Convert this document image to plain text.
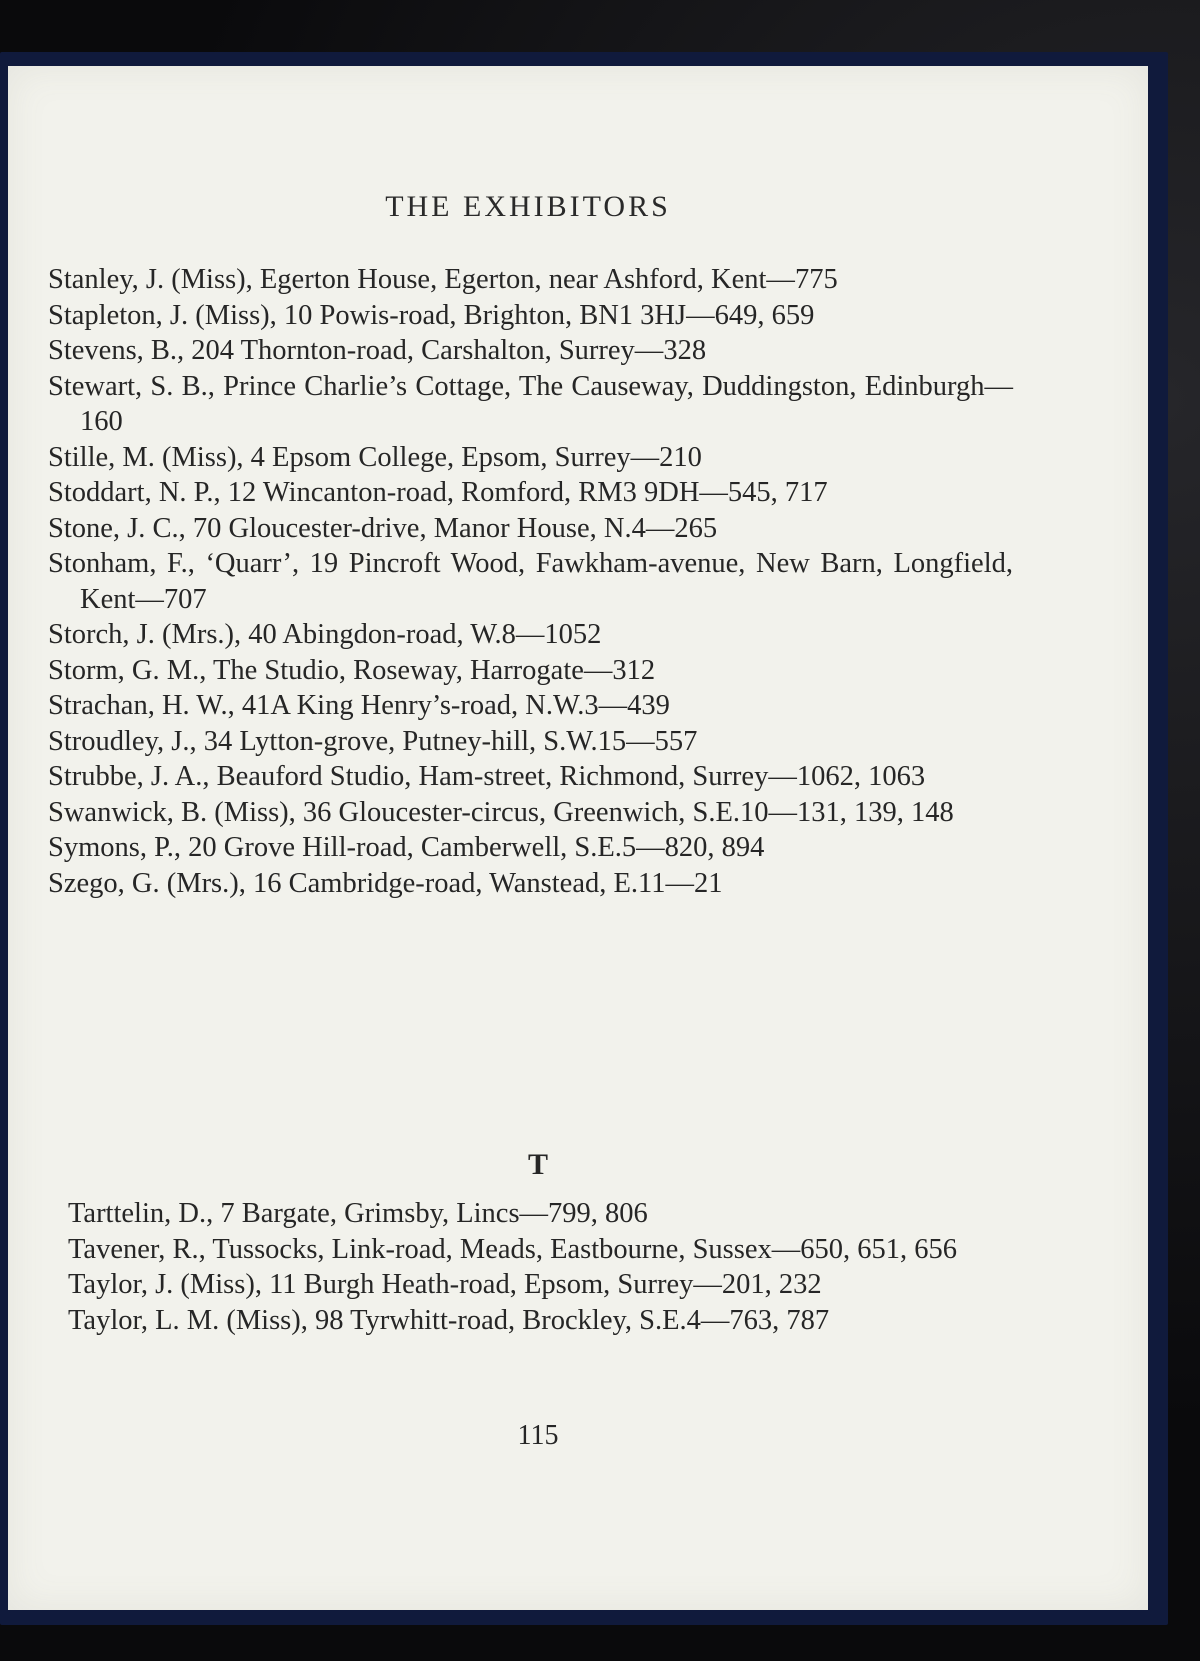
THE EXHIBITORS
Stanley, J. (Miss), Egerton House, Egerton, near Ashford, Kent—775
Stapleton, J. (Miss), 10 Powis-road, Brighton, BN1 3HJ—649, 659
Stevens, B., 204 Thornton-road, Carshalton, Surrey—328
Stewart, S. B., Prince Charlie’s Cottage, The Causeway, Duddingston, Edinburgh—160
Stille, M. (Miss), 4 Epsom College, Epsom, Surrey—210
Stoddart, N. P., 12 Wincanton-road, Romford, RM3 9DH—545, 717
Stone, J. C., 70 Gloucester-drive, Manor House, N.4—265
Stonham, F., ‘Quarr’, 19 Pincroft Wood, Fawkham-avenue, New Barn, Longfield, Kent—707
Storch, J. (Mrs.), 40 Abingdon-road, W.8—1052
Storm, G. M., The Studio, Roseway, Harrogate—312
Strachan, H. W., 41A King Henry’s-road, N.W.3—439
Stroudley, J., 34 Lytton-grove, Putney-hill, S.W.15—557
Strubbe, J. A., Beauford Studio, Ham-street, Richmond, Surrey—1062, 1063
Swanwick, B. (Miss), 36 Gloucester-circus, Greenwich, S.E.10—131, 139, 148
Symons, P., 20 Grove Hill-road, Camberwell, S.E.5—820, 894
Szego, G. (Mrs.), 16 Cambridge-road, Wanstead, E.11—21
T
Tarttelin, D., 7 Bargate, Grimsby, Lincs—799, 806
Tavener, R., Tussocks, Link-road, Meads, Eastbourne, Sussex—650, 651, 656
Taylor, J. (Miss), 11 Burgh Heath-road, Epsom, Surrey—201, 232
Taylor, L. M. (Miss), 98 Tyrwhitt-road, Brockley, S.E.4—763, 787
115
